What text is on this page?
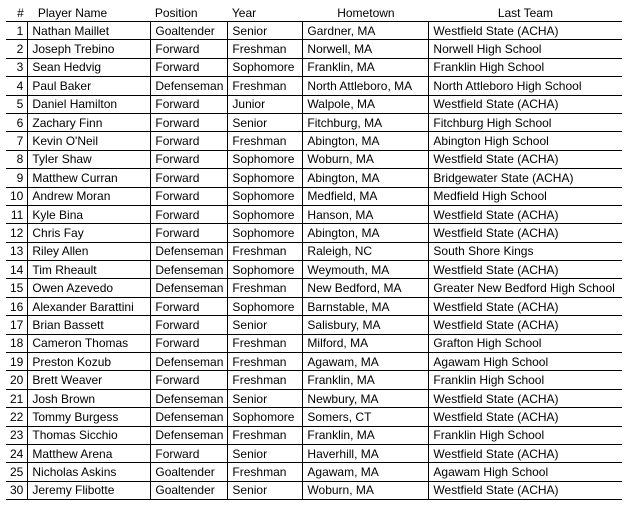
#	Player Name	Position	Year	Hometown	Last Team
1	Nathan Maillet	Goaltender	Senior	Gardner, MA	Westfield State (ACHA)
2	Joseph Trebino	Forward	Freshman	Norwell, MA	Norwell High School
3	Sean Hedvig	Forward	Sophomore	Franklin, MA	Franklin High School
4	Paul Baker	Defenseman	Freshman	North Attleboro, MA	North Attleboro High School
5	Daniel Hamilton	Forward	Junior	Walpole, MA	Westfield State (ACHA)
6	Zachary Finn	Forward	Senior	Fitchburg, MA	Fitchburg High School
7	Kevin O'Neil	Forward	Freshman	Abington, MA	Abington High School
8	Tyler Shaw	Forward	Sophomore	Woburn, MA	Westfield State (ACHA)
9	Matthew Curran	Forward	Sophomore	Abington, MA	Bridgewater State (ACHA)
10	Andrew Moran	Forward	Sophomore	Medfield, MA	Medfield High School
11	Kyle Bina	Forward	Sophomore	Hanson, MA	Westfield State (ACHA)
12	Chris Fay	Forward	Sophomore	Abington, MA	Westfield State (ACHA)
13	Riley Allen	Defenseman	Freshman	Raleigh, NC	South Shore Kings
14	Tim Rheault	Defenseman	Sophomore	Weymouth, MA	Westfield State (ACHA)
15	Owen Azevedo	Defenseman	Freshman	New Bedford, MA	Greater New Bedford High School
16	Alexander Barattini	Forward	Sophomore	Barnstable, MA	Westfield State (ACHA)
17	Brian Bassett	Forward	Senior	Salisbury, MA	Westfield State (ACHA)
18	Cameron Thomas	Forward	Freshman	Milford, MA	Grafton High School
19	Preston Kozub	Defenseman	Freshman	Agawam, MA	Agawam High School
20	Brett Weaver	Forward	Freshman	Franklin, MA	Franklin High School
21	Josh Brown	Defenseman	Senior	Newbury, MA	Westfield State (ACHA)
22	Tommy Burgess	Defenseman	Sophomore	Somers, CT	Westfield State (ACHA)
23	Thomas Sicchio	Defenseman	Freshman	Franklin, MA	Franklin High School
24	Matthew Arena	Forward	Senior	Haverhill, MA	Westfield State (ACHA)
25	Nicholas Askins	Goaltender	Freshman	Agawam, MA	Agawam High School
30	Jeremy Flibotte	Goaltender	Senior	Woburn, MA	Westfield State (ACHA)
